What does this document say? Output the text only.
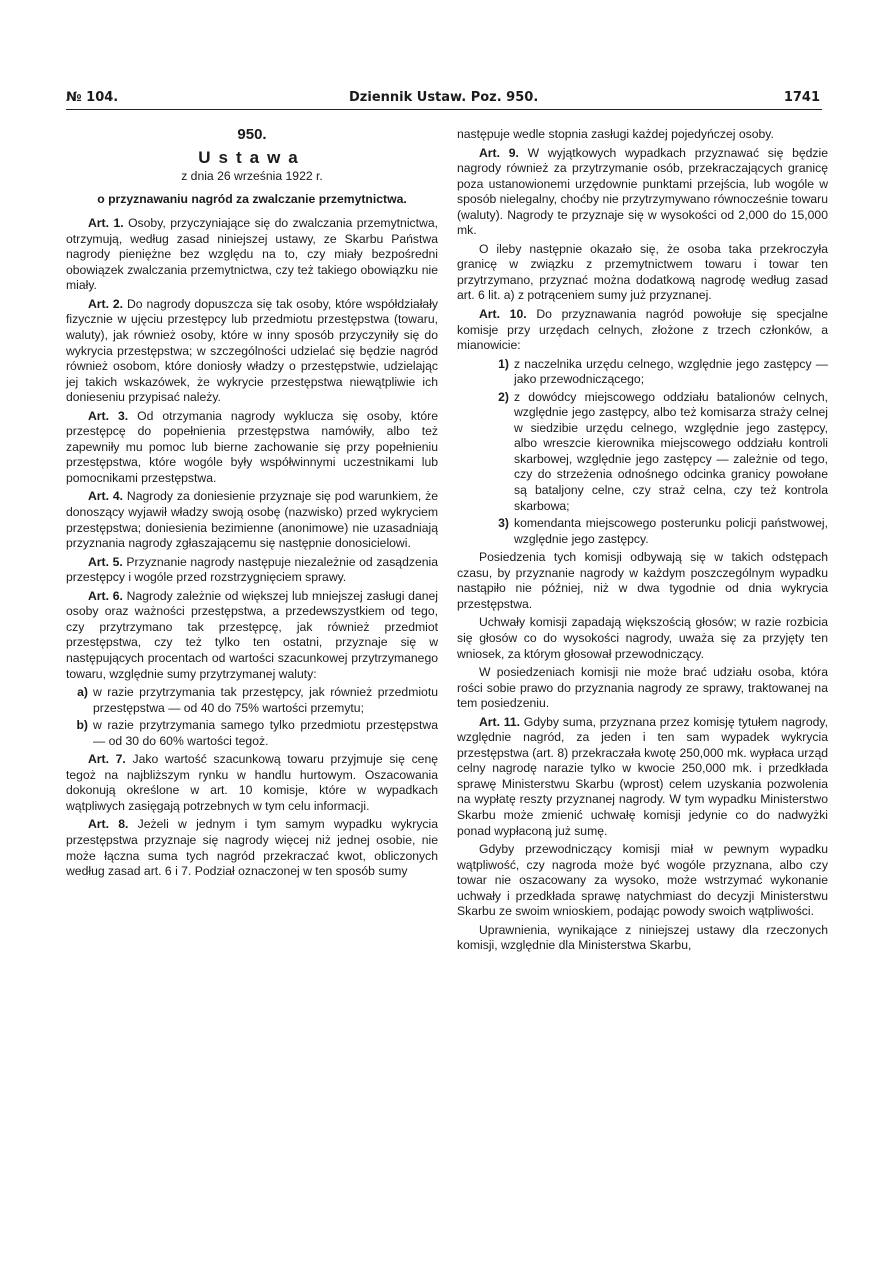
№ 104.	Dziennik Ustaw. Poz. 950.	1741
950.
Ustawa
z dnia 26 września 1922 r.
o przyznawaniu nagród za zwalczanie przemytnictwa.

Art. 1. Osoby, przyczyniające się do zwalczania przemytnictwa, otrzymują, według zasad niniejszej ustawy, ze Skarbu Państwa nagrody pieniężne bez względu na to, czy miały bezpośredni obowiązek zwalczania przemytnictwa, czy też takiego obowiązku nie miały.

Art. 2. Do nagrody dopuszcza się tak osoby, które współdziałały fizycznie w ujęciu przestępcy lub przedmiotu przestępstwa (towaru, waluty), jak również osoby, które w inny sposób przyczyniły się do wykrycia przestępstwa; w szczególności udzielać się będzie nagród również osobom, które doniosły władzy o przestępstwie, udzielając jej takich wskazówek, że wykrycie przestępstwa niewątpliwie ich donieseniu przypisać należy.

Art. 3. Od otrzymania nagrody wyklucza się osoby, które przestępcę do popełnienia przestępstwa namówiły, albo też zapewniły mu pomoc lub bierne zachowanie się przy popełnieniu przestępstwa, które wogóle były współwinnymi uczestnikami lub pomocnikami przestępstwa.

Art. 4. Nagrody za doniesienie przyznaje się pod warunkiem, że donoszący wyjawił władzy swoją osobę (nazwisko) przed wykryciem przestępstwa; doniesienia bezimienne (anonimowe) nie uzasadniają przyznania nagrody zgłaszającemu się następnie donosicielowi.

Art. 5. Przyznanie nagrody następuje niezależnie od zasądzenia przestępcy i wogóle przed rozstrzygnięciem sprawy.

Art. 6. Nagrody zależnie od większej lub mniejszej zasługi danej osoby oraz ważności przestępstwa, a przedewszystkiem od tego, czy przytrzymano tak przestępcę, jak również przedmiot przestępstwa, czy też tylko ten ostatni, przyznaje się w następujących procentach od wartości szacunkowej przytrzymanego towaru, względnie sumy przytrzymanej waluty:

a) w razie przytrzymania tak przestępcy, jak również przedmiotu przestępstwa — od 40 do 75% wartości przemytu;
b) w razie przytrzymania samego tylko przedmiotu przestępstwa — od 30 do 60% wartości tegoż.

Art. 7. Jako wartość szacunkową towaru przyjmuje się cenę tegoż na najbliższym rynku w handlu hurtowym. Oszacowania dokonują określone w art. 10 komisje, które w wypadkach wątpliwych zasięgają potrzebnych w tym celu informacji.

Art. 8. Jeżeli w jednym i tym samym wypadku wykrycia przestępstwa przyznaje się nagrody więcej niż jednej osobie, nie może łączna suma tych nagród przekraczać kwot, obliczonych według zasad art. 6 i 7. Podział oznaczonej w ten sposób sumy

następuje wedle stopnia zasługi każdej pojedyńczej osoby.

Art. 9. W wyjątkowych wypadkach przyznawać się będzie nagrody również za przytrzymanie osób, przekraczających granicę poza ustanowionemi urzędownie punktami przejścia, lub wogóle w sposób nielegalny, choćby nie przytrzymywano równocześnie towaru (waluty). Nagrody te przyznaje się w wysokości od 2,000 do 15,000 mk.

O ileby następnie okazało się, że osoba taka przekroczyła granicę w związku z przemytnictwem towaru i towar ten przytrzymano, przyznać można dodatkową nagrodę według zasad art. 6 lit. a) z potrąceniem sumy już przyznanej.

Art. 10. Do przyznawania nagród powołuje się specjalne komisje przy urzędach celnych, złożone z trzech członków, a mianowicie:

1) z naczelnika urzędu celnego, względnie jego zastępcy — jako przewodniczącego;
2) z dowódcy miejscowego oddziału batalionów celnych, względnie jego zastępcy, albo też komisarza straży celnej w siedzibie urzędu celnego, względnie jego zastępcy, albo wreszcie kierownika miejscowego oddziału kontroli skarbowej, względnie jego zastępcy — zależnie od tego, czy do strzeżenia odnośnego odcinka granicy powołane są bataljony celne, czy straż celna, czy też kontrola skarbowa;
3) komendanta miejscowego posterunku policji państwowej, względnie jego zastępcy.

Posiedzenia tych komisji odbywają się w takich odstępach czasu, by przyznanie nagrody w każdym poszczególnym wypadku nastąpiło nie później, niż w dwa tygodnie od dnia wykrycia przestępstwa.

Uchwały komisji zapadają większością głosów; w razie rozbicia się głosów co do wysokości nagrody, uważa się za przyjęty ten wniosek, za którym głosował przewodniczący.

W posiedzeniach komisji nie może brać udziału osoba, która rości sobie prawo do przyznania nagrody ze sprawy, traktowanej na tem posiedzeniu.

Art. 11. Gdyby suma, przyznana przez komisję tytułem nagrody, względnie nagród, za jeden i ten sam wypadek wykrycia przestępstwa (art. 8) przekraczała kwotę 250,000 mk. wypłaca urząd celny nagrodę narazie tylko w kwocie 250,000 mk. i przedkłada sprawę Ministerstwu Skarbu (wprost) celem uzyskania pozwolenia na wypłatę reszty przyznanej nagrody. W tym wypadku Ministerstwo Skarbu może zmienić uchwałę komisji jedynie co do nadwyżki ponad wypłaconą już sumę.

Gdyby przewodniczący komisji miał w pewnym wypadku wątpliwość, czy nagroda może być wogóle przyznana, albo czy towar nie oszacowany za wysoko, może wstrzymać wykonanie uchwały i przedkłada sprawę natychmiast do decyzji Ministerstwu Skarbu ze swoim wnioskiem, podając powody swoich wątpliwości.

Uprawnienia, wynikające z niniejszej ustawy dla rzeczonych komisji, względnie dla Ministerstwa Skarbu,
